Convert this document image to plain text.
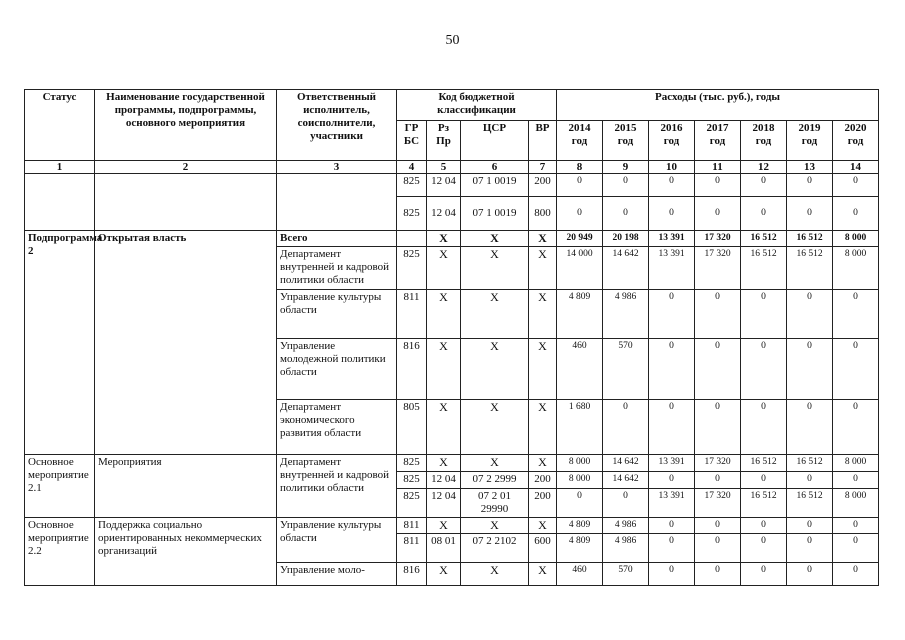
50
Статус	Наименование государственной программы, подпрограммы, основного мероприятия	Ответственный исполнитель, соисполнители, участники	Код бюджетной классификации				Расходы (тыс. руб.), годы						
			ГР БС	Рз Пр	ЦСР	ВР	2014 год	2015 год	2016 год	2017 год	2018 год	2019 год	2020 год
1	2	3	4	5	6	7	8	9	10	11	12	13	14
			825	12 04	07 1 0019	200	0	0	0	0	0	0	0
			825	12 04	07 1 0019	800	0	0	0	0	0	0	0
Подпрограмма 2	Открытая власть	Всего		X	X	X	20 949	20 198	13 391	17 320	16 512	16 512	8 000
		Департамент внутренней и кадровой политики области	825	X	X	X	14 000	14 642	13 391	17 320	16 512	16 512	8 000
		Управление культуры области	811	X	X	X	4 809	4 986	0	0	0	0	0
		Управление молодежной политики области	816	X	X	X	460	570	0	0	0	0	0
		Департамент экономического развития области	805	X	X	X	1 680	0	0	0	0	0	0
Основное мероприятие 2.1	Мероприятия	Департамент внутренней и кадровой политики области	825	X	X	X	8 000	14 642	13 391	17 320	16 512	16 512	8 000
			825	12 04	07 2 2999	200	8 000	14 642	0	0	0	0	0
			825	12 04	07 2 01 29990	200	0	0	13 391	17 320	16 512	16 512	8 000
Основное мероприятие 2.2	Поддержка социально ориентированных некоммерческих организаций	Управление культуры области	811	X	X	X	4 809	4 986	0	0	0	0	0
			811	08 01	07 2 2102	600	4 809	4 986	0	0	0	0	0
		Управление моло-	816	X	X	X	460	570	0	0	0	0	0
